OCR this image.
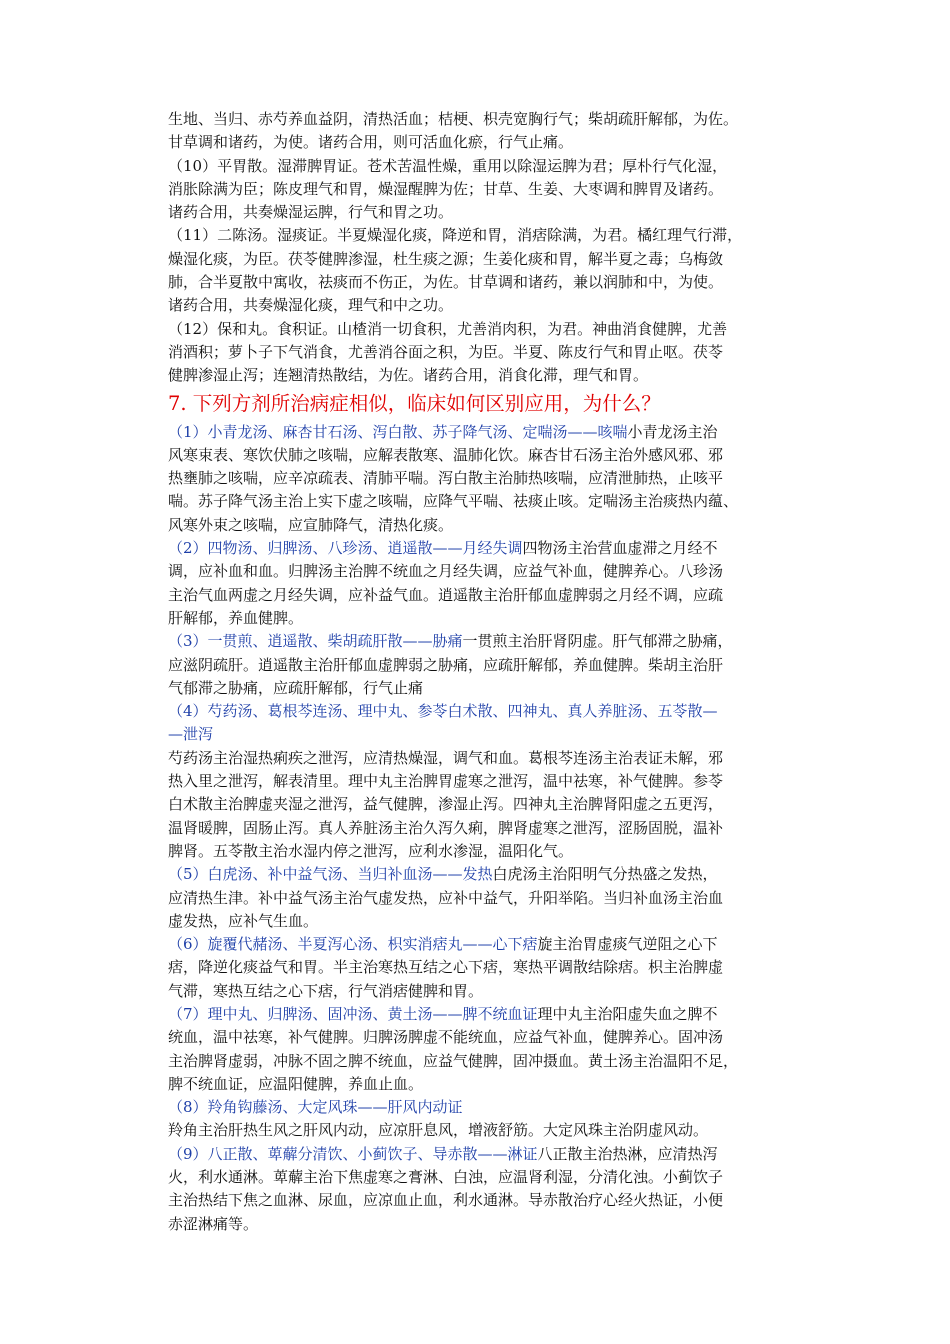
生地、当归、赤芍养血益阴，清热活血；桔梗、枳壳宽胸行气；柴胡疏肝解郁，为佐。
甘草调和诸药，为使。诸药合用，则可活血化瘀，行气止痛。

（10）平胃散。湿滞脾胃证。苍术苦温性燥，重用以除湿运脾为君；厚朴行气化湿，
消胀除满为臣；陈皮理气和胃，燥湿醒脾为佐；甘草、生姜、大枣调和脾胃及诸药。
诸药合用，共奏燥湿运脾，行气和胃之功。

（11）二陈汤。湿痰证。半夏燥湿化痰，降逆和胃，消痞除满，为君。橘红理气行滞，
燥湿化痰，为臣。茯苓健脾渗湿，杜生痰之源；生姜化痰和胃，解半夏之毒；乌梅敛
肺，合半夏散中寓收，祛痰而不伤正，为佐。甘草调和诸药，兼以润肺和中，为使。
诸药合用，共奏燥湿化痰，理气和中之功。

（12）保和丸。食积证。山楂消一切食积，尤善消肉积，为君。神曲消食健脾，尤善
消酒积；萝卜子下气消食，尤善消谷面之积，为臣。半夏、陈皮行气和胃止呕。茯苓
健脾渗湿止泻；连翘清热散结，为佐。诸药合用，消食化滞，理气和胃。

7. 下列方剂所治病症相似，临床如何区别应用，为什么？

（1）小青龙汤、麻杏甘石汤、泻白散、苏子降气汤、定喘汤——咳喘小青龙汤主治
风寒束表、寒饮伏肺之咳喘，应解表散寒、温肺化饮。麻杏甘石汤主治外感风邪、邪
热壅肺之咳喘，应辛凉疏表、清肺平喘。泻白散主治肺热咳喘，应清泄肺热，止咳平
喘。苏子降气汤主治上实下虚之咳喘，应降气平喘、祛痰止咳。定喘汤主治痰热内蕴、
风寒外束之咳喘，应宣肺降气，清热化痰。

（2）四物汤、归脾汤、八珍汤、逍遥散——月经失调四物汤主治营血虚滞之月经不
调，应补血和血。归脾汤主治脾不统血之月经失调，应益气补血，健脾养心。八珍汤
主治气血两虚之月经失调，应补益气血。逍遥散主治肝郁血虚脾弱之月经不调，应疏
肝解郁，养血健脾。

（3）一贯煎、逍遥散、柴胡疏肝散——胁痛一贯煎主治肝肾阴虚。肝气郁滞之胁痛，
应滋阴疏肝。逍遥散主治肝郁血虚脾弱之胁痛，应疏肝解郁，养血健脾。柴胡主治肝
气郁滞之胁痛，应疏肝解郁，行气止痛

（4）芍药汤、葛根芩连汤、理中丸、参苓白术散、四神丸、真人养脏汤、五苓散—
—泄泻
芍药汤主治湿热痢疾之泄泻，应清热燥湿，调气和血。葛根芩连汤主治表证未解，邪
热入里之泄泻，解表清里。理中丸主治脾胃虚寒之泄泻，温中祛寒，补气健脾。参苓
白术散主治脾虚夹湿之泄泻，益气健脾，渗湿止泻。四神丸主治脾肾阳虚之五更泻，
温肾暖脾，固肠止泻。真人养脏汤主治久泻久痢，脾肾虚寒之泄泻，涩肠固脱，温补
脾肾。五苓散主治水湿内停之泄泻，应利水渗湿，温阳化气。

（5）白虎汤、补中益气汤、当归补血汤——发热白虎汤主治阳明气分热盛之发热，
应清热生津。补中益气汤主治气虚发热，应补中益气，升阳举陷。当归补血汤主治血
虚发热，应补气生血。

（6）旋覆代赭汤、半夏泻心汤、枳实消痞丸——心下痞旋主治胃虚痰气逆阻之心下
痞，降逆化痰益气和胃。半主治寒热互结之心下痞，寒热平调散结除痞。枳主治脾虚
气滞，寒热互结之心下痞，行气消痞健脾和胃。

（7）理中丸、归脾汤、固冲汤、黄土汤——脾不统血证理中丸主治阳虚失血之脾不
统血，温中祛寒，补气健脾。归脾汤脾虚不能统血，应益气补血，健脾养心。固冲汤
主治脾肾虚弱，冲脉不固之脾不统血，应益气健脾，固冲摄血。黄土汤主治温阳不足，
脾不统血证，应温阳健脾，养血止血。

（8）羚角钩藤汤、大定风珠——肝风内动证
羚角主治肝热生风之肝风内动，应凉肝息风，增液舒筋。大定风珠主治阴虚风动。

（9）八正散、萆薢分清饮、小蓟饮子、导赤散——淋证八正散主治热淋，应清热泻
火，利水通淋。萆薢主治下焦虚寒之膏淋、白浊，应温肾利湿，分清化浊。小蓟饮子
主治热结下焦之血淋、尿血，应凉血止血，利水通淋。导赤散治疗心经火热证，小便
赤涩淋痛等。
